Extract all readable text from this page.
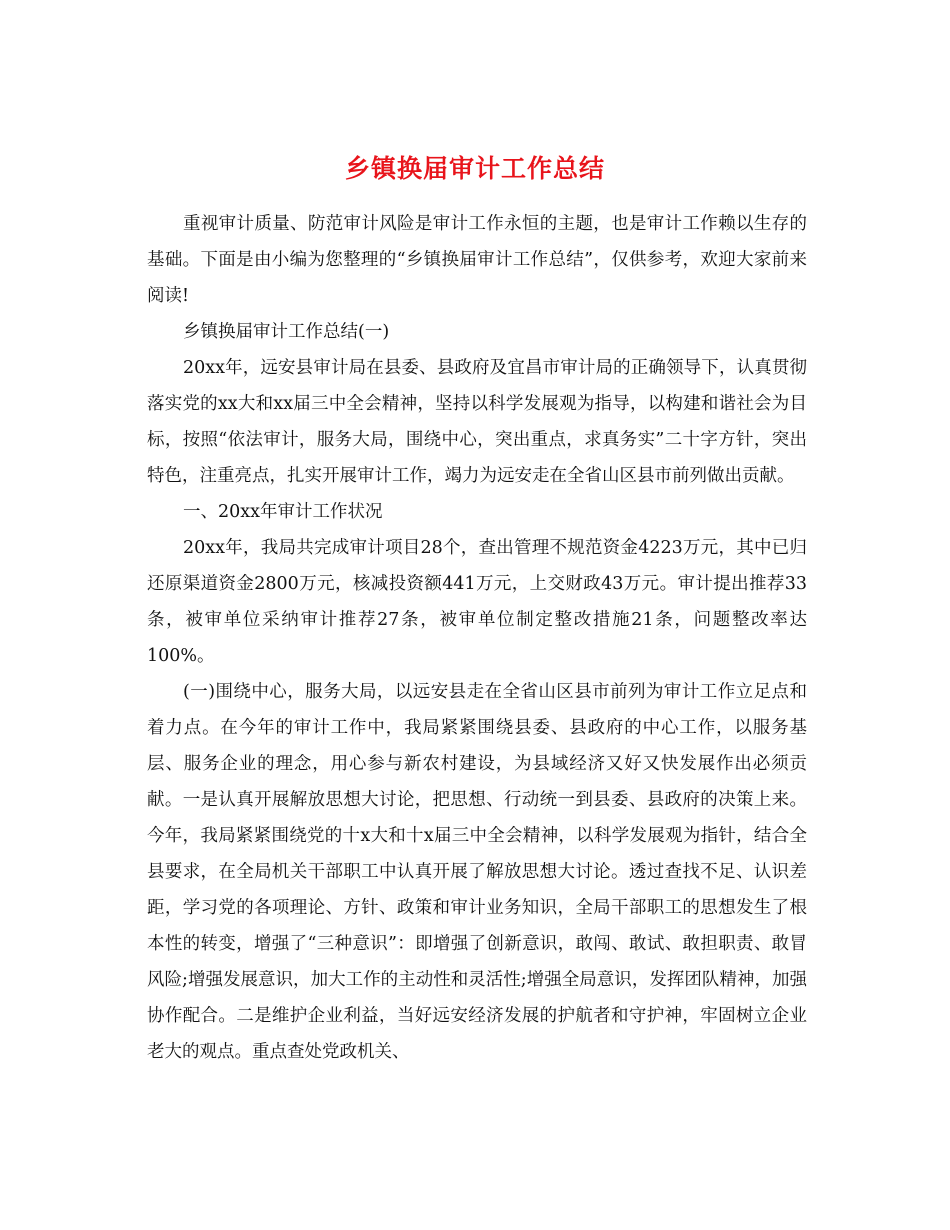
乡镇换届审计工作总结

重视审计质量、防范审计风险是审计工作永恒的主题，也是审计工作赖以生存的基础。下面是由小编为您整理的“乡镇换届审计工作总结”，仅供参考，欢迎大家前来阅读!

乡镇换届审计工作总结(一)

20xx年，远安县审计局在县委、县政府及宜昌市审计局的正确领导下，认真贯彻落实党的xx大和xx届三中全会精神，坚持以科学发展观为指导，以构建和谐社会为目标，按照“依法审计，服务大局，围绕中心，突出重点，求真务实”二十字方针，突出特色，注重亮点，扎实开展审计工作，竭力为远安走在全省山区县市前列做出贡献。

一、20xx年审计工作状况

20xx年，我局共完成审计项目28个，查出管理不规范资金4223万元，其中已归还原渠道资金2800万元，核减投资额441万元，上交财政43万元。审计提出推荐33条，被审单位采纳审计推荐27条，被审单位制定整改措施21条，问题整改率达100%。

(一)围绕中心，服务大局，以远安县走在全省山区县市前列为审计工作立足点和着力点。在今年的审计工作中，我局紧紧围绕县委、县政府的中心工作，以服务基层、服务企业的理念，用心参与新农村建设，为县域经济又好又快发展作出必须贡献。一是认真开展解放思想大讨论，把思想、行动统一到县委、县政府的决策上来。今年，我局紧紧围绕党的十x大和十x届三中全会精神，以科学发展观为指针，结合全县要求，在全局机关干部职工中认真开展了解放思想大讨论。透过查找不足、认识差距，学习党的各项理论、方针、政策和审计业务知识，全局干部职工的思想发生了根本性的转变，增强了“三种意识”：即增强了创新意识，敢闯、敢试、敢担职责、敢冒风险;增强发展意识，加大工作的主动性和灵活性;增强全局意识，发挥团队精神，加强协作配合。二是维护企业利益，当好远安经济发展的护航者和守护神，牢固树立企业老大的观点。重点查处党政机关、
